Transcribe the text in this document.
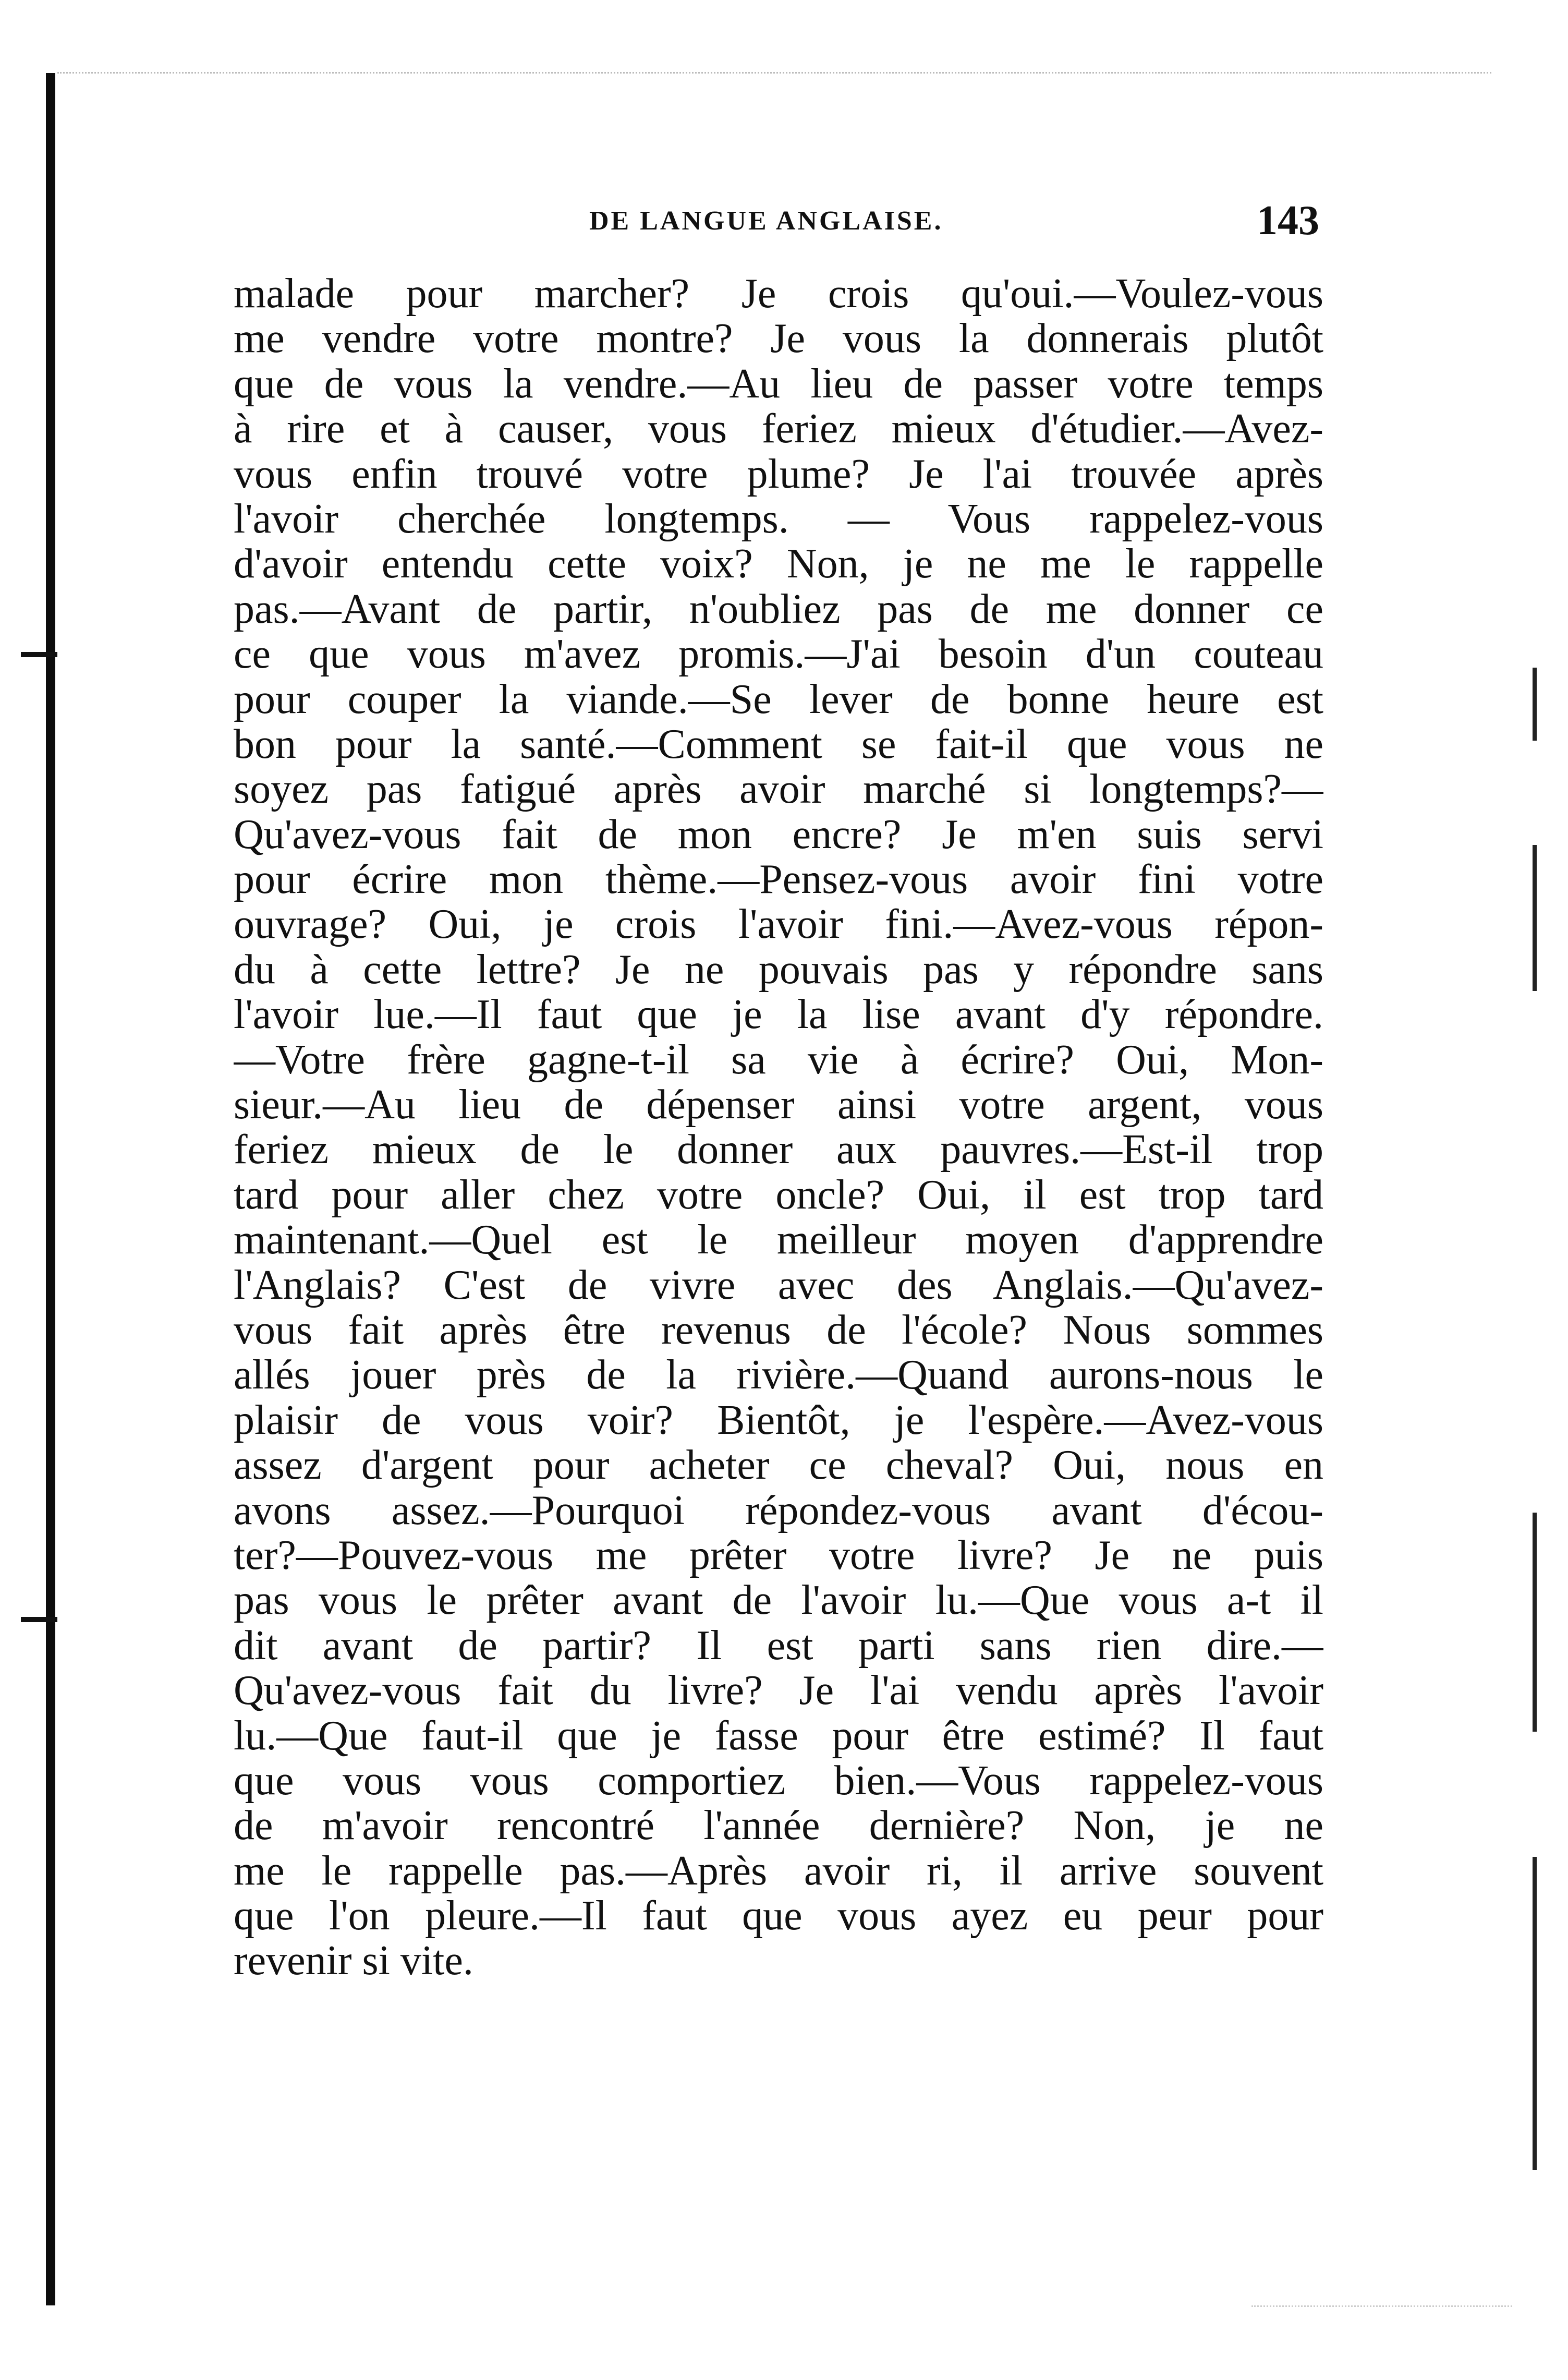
DE LANGUE ANGLAISE.	143
malade pour marcher? Je crois qu'oui.—Voulez-vous
me vendre votre montre? Je vous la donnerais plutôt
que de vous la vendre.—Au lieu de passer votre temps
à rire et à causer, vous feriez mieux d'étudier.—Avez-
vous enfin trouvé votre plume? Je l'ai trouvée après
l'avoir cherchée longtemps. — Vous rappelez-vous
d'avoir entendu cette voix? Non, je ne me le rappelle
pas.—Avant de partir, n'oubliez pas de me donner ce
ce que vous m'avez promis.—J'ai besoin d'un couteau
pour couper la viande.—Se lever de bonne heure est
bon pour la santé.—Comment se fait-il que vous ne
soyez pas fatigué après avoir marché si longtemps?—
Qu'avez-vous fait de mon encre? Je m'en suis servi
pour écrire mon thème.—Pensez-vous avoir fini votre
ouvrage? Oui, je crois l'avoir fini.—Avez-vous répon-
du à cette lettre? Je ne pouvais pas y répondre sans
l'avoir lue.—Il faut que je la lise avant d'y répondre.
—Votre frère gagne-t-il sa vie à écrire? Oui, Mon-
sieur.—Au lieu de dépenser ainsi votre argent, vous
feriez mieux de le donner aux pauvres.—Est-il trop
tard pour aller chez votre oncle? Oui, il est trop tard
maintenant.—Quel est le meilleur moyen d'apprendre
l'Anglais? C'est de vivre avec des Anglais.—Qu'avez-
vous fait après être revenus de l'école? Nous sommes
allés jouer près de la rivière.—Quand aurons-nous le
plaisir de vous voir? Bientôt, je l'espère.—Avez-vous
assez d'argent pour acheter ce cheval? Oui, nous en
avons assez.—Pourquoi répondez-vous avant d'écou-
ter?—Pouvez-vous me prêter votre livre? Je ne puis
pas vous le prêter avant de l'avoir lu.—Que vous a-t il
dit avant de partir? Il est parti sans rien dire.—
Qu'avez-vous fait du livre? Je l'ai vendu après l'avoir
lu.—Que faut-il que je fasse pour être estimé? Il faut
que vous vous comportiez bien.—Vous rappelez-vous
de m'avoir rencontré l'année dernière? Non, je ne
me le rappelle pas.—Après avoir ri, il arrive souvent
que l'on pleure.—Il faut que vous ayez eu peur pour
revenir si vite.
